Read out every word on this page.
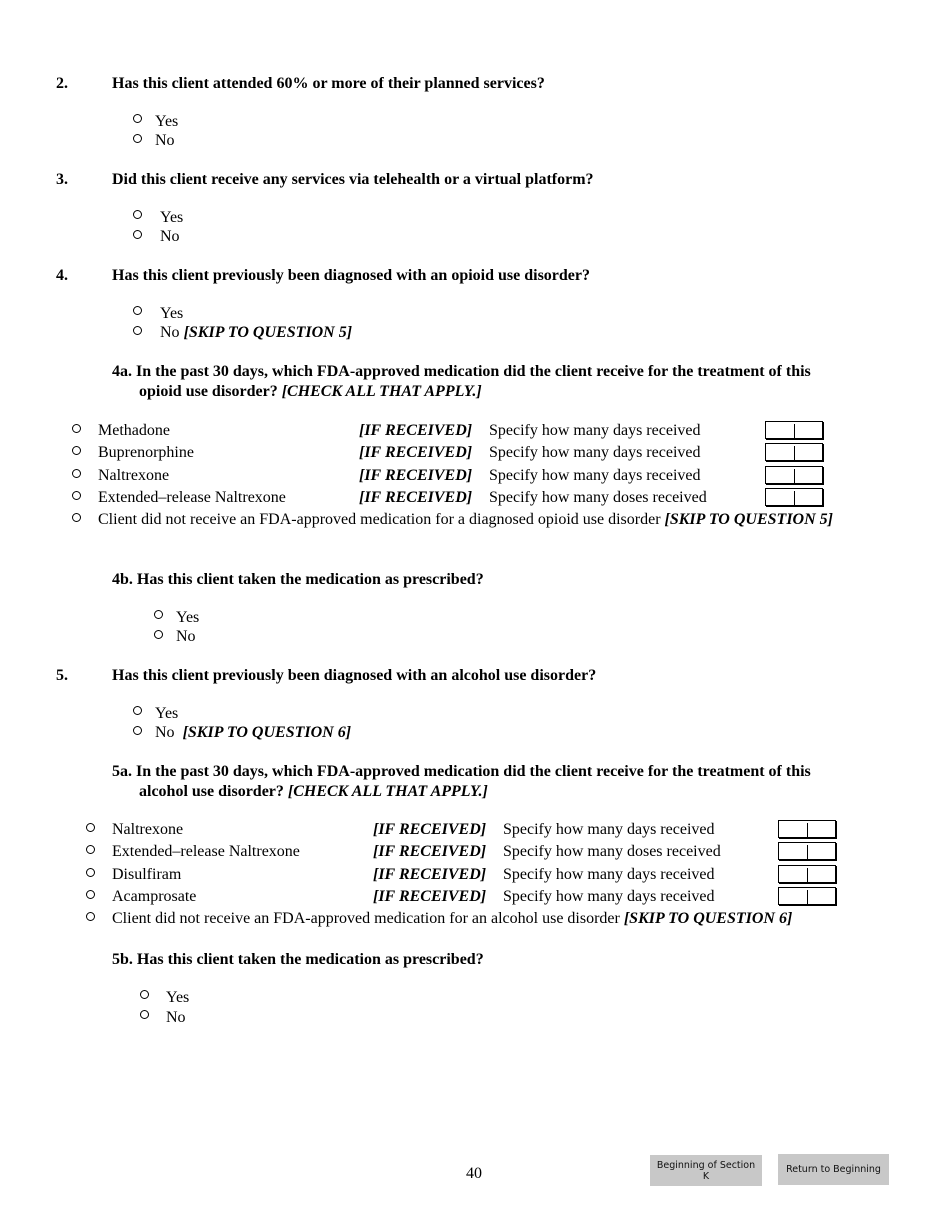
2.	Has this client attended 60% or more of their planned services?
Yes
No
3.	Did this client receive any services via telehealth or a virtual platform?
Yes
No
4.	Has this client previously been diagnosed with an opioid use disorder?
Yes
No [SKIP TO QUESTION 5]
4a. In the past 30 days, which FDA-approved medication did the client receive for the treatment of this
opioid use disorder? [CHECK ALL THAT APPLY.]
Methadone	[IF RECEIVED] Specify how many days received
Buprenorphine	[IF RECEIVED] Specify how many days received
Naltrexone	[IF RECEIVED] Specify how many days received
Extended–release Naltrexone	[IF RECEIVED] Specify how many doses received
Client did not receive an FDA-approved medication for a diagnosed opioid use disorder [SKIP TO QUESTION 5]
4b. Has this client taken the medication as prescribed?
Yes
No
5.	Has this client previously been diagnosed with an alcohol use disorder?
Yes
No [SKIP TO QUESTION 6]
5a. In the past 30 days, which FDA-approved medication did the client receive for the treatment of this
alcohol use disorder? [CHECK ALL THAT APPLY.]
Naltrexone	[IF RECEIVED] Specify how many days received
Extended–release Naltrexone	[IF RECEIVED] Specify how many doses received
Disulfiram	[IF RECEIVED] Specify how many days received
Acamprosate	[IF RECEIVED] Specify how many days received
Client did not receive an FDA-approved medication for an alcohol use disorder [SKIP TO QUESTION 6]
5b. Has this client taken the medication as prescribed?
Yes
No
40	Beginning of Section K
Return to Beginning
